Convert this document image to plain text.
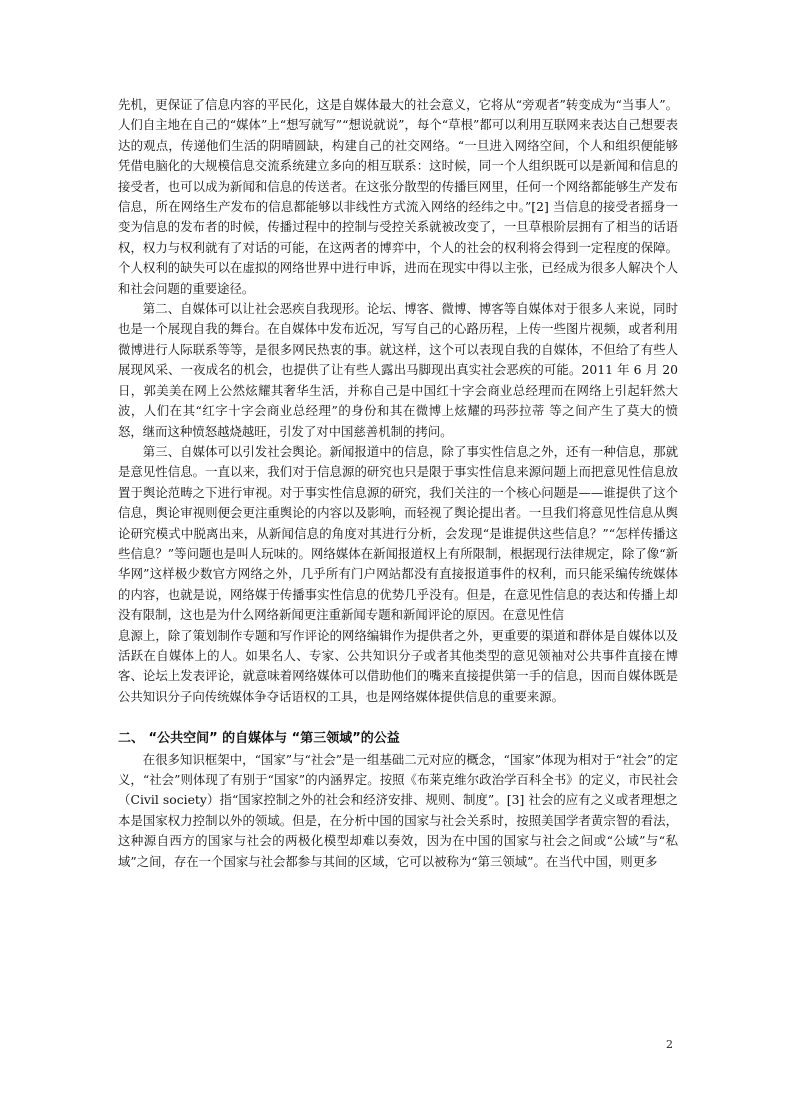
先机，更保证了信息内容的平民化，这是自媒体最大的社会意义，它将从“旁观者”转变成为“当事人”。人们自主地在自己的“媒体”上“想写就写”“想说就说”，每个“草根”都可以利用互联网来表达自己想要表达的观点，传递他们生活的阴晴圆缺，构建自己的社交网络。“一旦进入网络空间，个人和组织便能够凭借电脑化的大规模信息交流系统建立多向的相互联系：这时候，同一个人组织既可以是新闻和信息的接受者，也可以成为新闻和信息的传送者。在这张分散型的传播巨网里，任何一个网络都能够生产发布信息，所在网络生产发布的信息都能够以非线性方式流入网络的经纬之中。”[2] 当信息的接受者摇身一变为信息的发布者的时候，传播过程中的控制与受控关系就被改变了，一旦草根阶层拥有了相当的话语权，权力与权利就有了对话的可能，在这两者的博弈中，个人的社会的权利将会得到一定程度的保障。个人权利的缺失可以在虚拟的网络世界中进行申诉，进而在现实中得以主张，已经成为很多人解决个人和社会问题的重要途径。

第二、自媒体可以让社会恶疾自我现形。论坛、博客、微博、博客等自媒体对于很多人来说，同时也是一个展现自我的舞台。在自媒体中发布近况，写写自己的心路历程，上传一些图片视频，或者利用微博进行人际联系等等，是很多网民热衷的事。就这样，这个可以表现自我的自媒体，不但给了有些人展现风采、一夜成名的机会，也提供了让有些人露出马脚现出真实社会恶疾的可能。2011 年 6 月 20 日，郭美美在网上公然炫耀其奢华生活，并称自己是中国红十字会商业总经理而在网络上引起轩然大波，人们在其“红字十字会商业总经理”的身份和其在微博上炫耀的玛莎拉蒂 等之间产生了莫大的愤怒，继而这种愤怒越烧越旺，引发了对中国慈善机制的拷问。

第三、自媒体可以引发社会舆论。新闻报道中的信息，除了事实性信息之外，还有一种信息，那就是意见性信息。一直以来，我们对于信息源的研究也只是限于事实性信息来源问题上而把意见性信息放置于舆论范畴之下进行审视。对于事实性信息源的研究，我们关注的一个核心问题是——谁提供了这个信息，舆论审视则便会更注重舆论的内容以及影响，而轻视了舆论提出者。一旦我们将意见性信息从舆论研究模式中脱离出来，从新闻信息的角度对其进行分析，会发现“是谁提供这些信息？”“怎样传播这些信息？”等问题也是叫人玩味的。网络媒体在新闻报道权上有所限制，根据现行法律规定，除了像“新华网”这样极少数官方网络之外，几乎所有门户网站都没有直接报道事件的权利，而只能采编传统媒体的内容，也就是说，网络媒于传播事实性信息的优势几乎没有。但是，在意见性信息的表达和传播上却没有限制，这也是为什么网络新闻更注重新闻专题和新闻评论的原因。在意见性信

息源上，除了策划制作专题和写作评论的网络编辑作为提供者之外，更重要的渠道和群体是自媒体以及活跃在自媒体上的人。如果名人、专家、公共知识分子或者其他类型的意见领袖对公共事件直接在博客、论坛上发表评论，就意味着网络媒体可以借助他们的嘴来直接提供第一手的信息，因而自媒体既是公共知识分子向传统媒体争夺话语权的工具，也是网络媒体提供信息的重要来源。

二、 “公共空间” 的自媒体与 “第三领域”的公益

在很多知识框架中，“国家”与“社会”是一组基础二元对应的概念，“国家”体现为相对于“社会”的定义，“社会”则体现了有别于“国家”的内涵界定。按照《布莱克维尔政治学百科全书》的定义，市民社会（Civil society）指“国家控制之外的社会和经济安排、规则、制度”。[3] 社会的应有之义或者理想之本是国家权力控制以外的领域。但是，在分析中国的国家与社会关系时，按照美国学者黄宗智的看法，这种源自西方的国家与社会的两极化模型却难以奏效，因为在中国的国家与社会之间或“公域”与“私域”之间，存在一个国家与社会都参与其间的区域，它可以被称为“第三领域”。在当代中国，则更多

2
